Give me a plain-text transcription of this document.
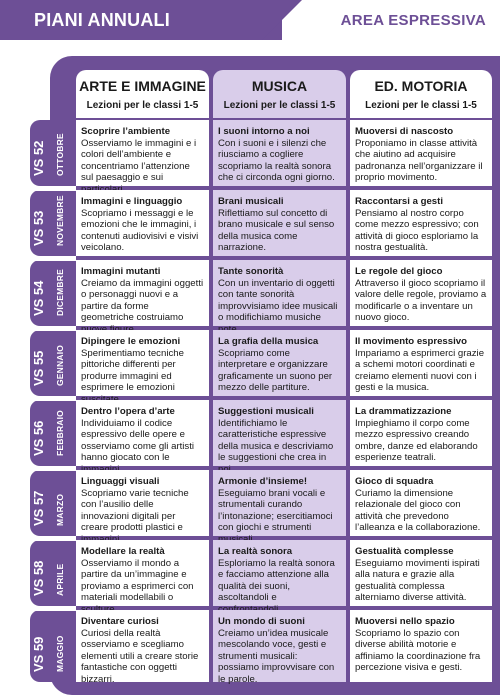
PIANI ANNUALI	AREA ESPRESSIVA
ARTE E IMMAGINE
Lezioni per le classi 1-5
MUSICA
Lezioni per le classi 1-5
ED. MOTORIA
Lezioni per le classi 1-5
VS 52 OTTOBRE
Scoprire l’ambiente
Osserviamo le immagini e i colori dell’ambiente e concentriamo l’attenzione sul paesaggio e sui
I suoni intorno a noi
Con i suoni e i silenzi che riusciamo a cogliere scopriamo la realtà sonora che ci circonda ogni giorno.
Muoversi di nascosto
Proponiamo in classe attività che aiutino ad acquisire padronanza nell’organizzare il proprio movimento.
VS 53 NOVEMBRE Immagini e linguaggio
Scopriamo i messaggi e le emozioni che le immagini, i contenuti audiovisivi e visivi veicolano.
Brani musicali
Riflettiamo sul concetto di brano musicale e sul senso della musica come narrazione.
Raccontarsi a gesti
Pensiamo al nostro corpo come mezzo espressivo; con attività di gioco esploriamo la nostra gestualità.
VS 54 DICEMBRE Immagini mutanti
Creiamo da immagini oggetti o personaggi nuovi e a partire da forme geometriche costruiamo
Tante sonorità
Con un inventario di oggetti con tante sonorità improvvisiamo idee musicali o modifichiamo musiche
Le regole del gioco
Attraverso il gioco scopriamo il valore delle regole, proviamo a modificarle o a inventare un nuovo gioco.
VS 55 GENNAIO
Dipingere le emozioni
Sperimentiamo tecniche pittoriche differenti per produrre immagini ed esprimere le emozioni
La grafia della musica
Scopriamo come interpretare e organizzare graficamente un suono per mezzo delle partiture.
Il movimento espressivo
Impariamo a esprimerci grazie a schemi motori coordinati e creiamo elementi nuovi con i gesti e la musica.
VS 56 FEBBRAIO Dentro l’opera d’arte
Individuiamo il codice espressivo delle opere e osserviamo come gli artisti hanno giocato con le
Suggestioni musicali
Identifichiamo le caratteristiche espressive della musica e descriviamo le suggestioni che crea in
La drammatizzazione
Impieghiamo il corpo come mezzo espressivo creando ombre, danze ed elaborando esperienze teatrali.
VS 57 MARZO
Linguaggi visuali
Scopriamo varie tecniche con l’ausilio delle innovazioni digitali per creare prodotti plastici e
Armonie d’insieme!
Eseguiamo brani vocali e strumentali curando l’intonazione; esercitiamoci con giochi e strumenti
Gioco di squadra
Curiamo la dimensione relazionale del gioco con attività che prevedono l’alleanza e la collaborazione.
VS 58 APRILE
Modellare la realtà
Osserviamo il mondo a partire da un’immagine e proviamo a esprimerci con materiali modellabili o
La realtà sonora
Esploriamo la realtà sonora e facciamo attenzione alla qualità dei suoni, ascoltandoli e
Gestualità complesse
Eseguiamo movimenti ispirati alla natura e grazie alla gestualità complessa alterniamo diverse attività.
VS 59 MAGGIO
Diventare curiosi
Curiosi della realtà osserviamo e scegliamo elementi utili a creare storie fantastiche con oggetti bizzarri.
Un mondo di suoni
Creiamo un’idea musicale mescolando voce, gesti e strumenti musicali: possiamo improvvisare con le parole.
Muoversi nello spazio
Scopriamo lo spazio con diverse abilità motorie e affiniamo la coordinazione fra percezione visiva e gesti.
